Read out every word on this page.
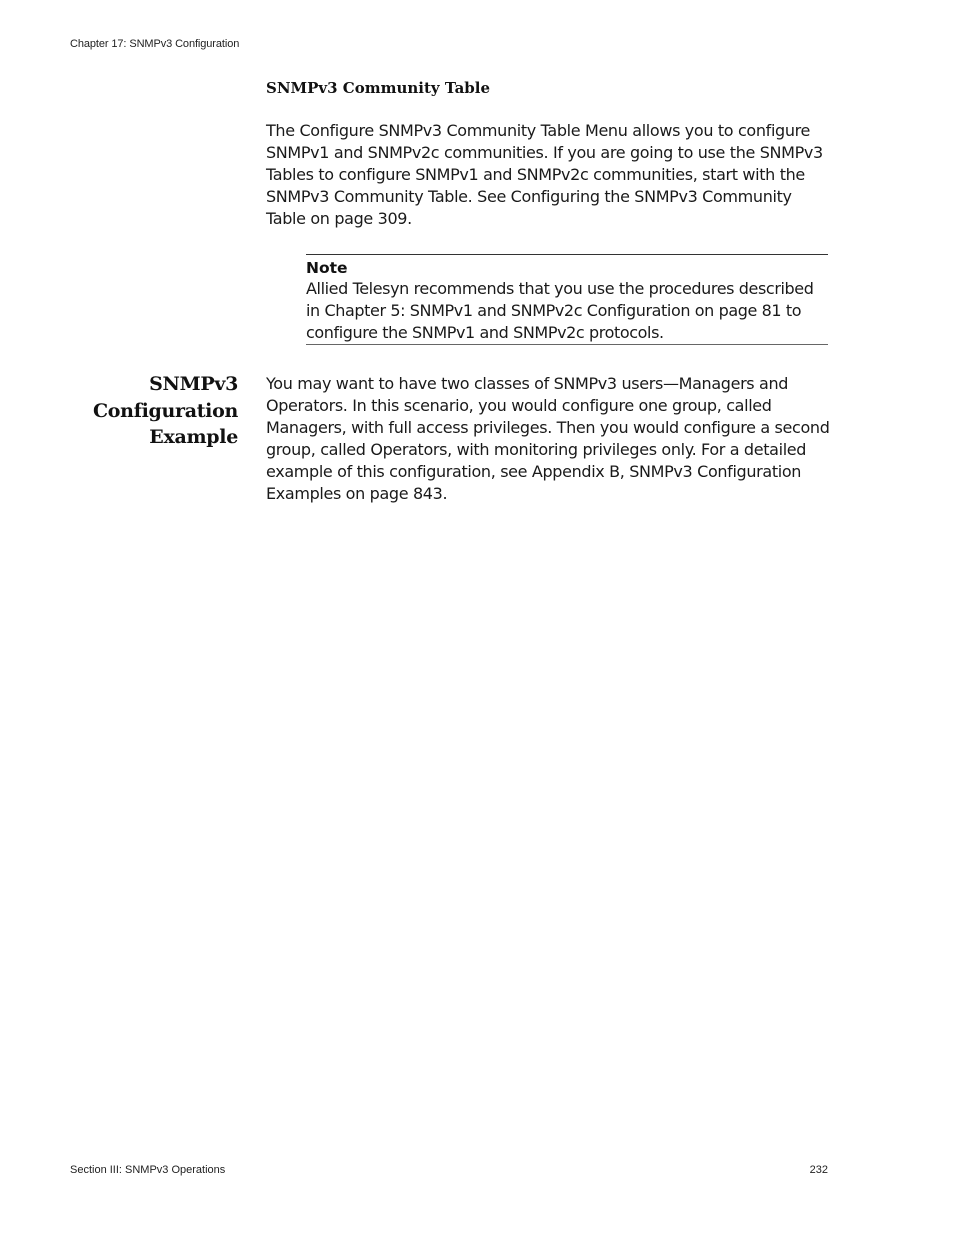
Chapter 17: SNMPv3 Configuration
SNMPv3 Community Table

The Configure SNMPv3 Community Table Menu allows you to configure SNMPv1 and SNMPv2c communities. If you are going to use the SNMPv3 Tables to configure SNMPv1 and SNMPv2c communities, start with the SNMPv3 Community Table. See Configuring the SNMPv3 Community Table on page 309.

Note

Allied Telesyn recommends that you use the procedures described in Chapter 5: SNMPv1 and SNMPv2c Configuration on page 81 to configure the SNMPv1 and SNMPv2c protocols.

SNMPv3
Configuration
Example

You may want to have two classes of SNMPv3 users—Managers and Operators. In this scenario, you would configure one group, called Managers, with full access privileges. Then you would configure a second group, called Operators, with monitoring privileges only. For a detailed example of this configuration, see Appendix B, SNMPv3 Configuration Examples on page 843.

Section III: SNMPv3 Operations	232
